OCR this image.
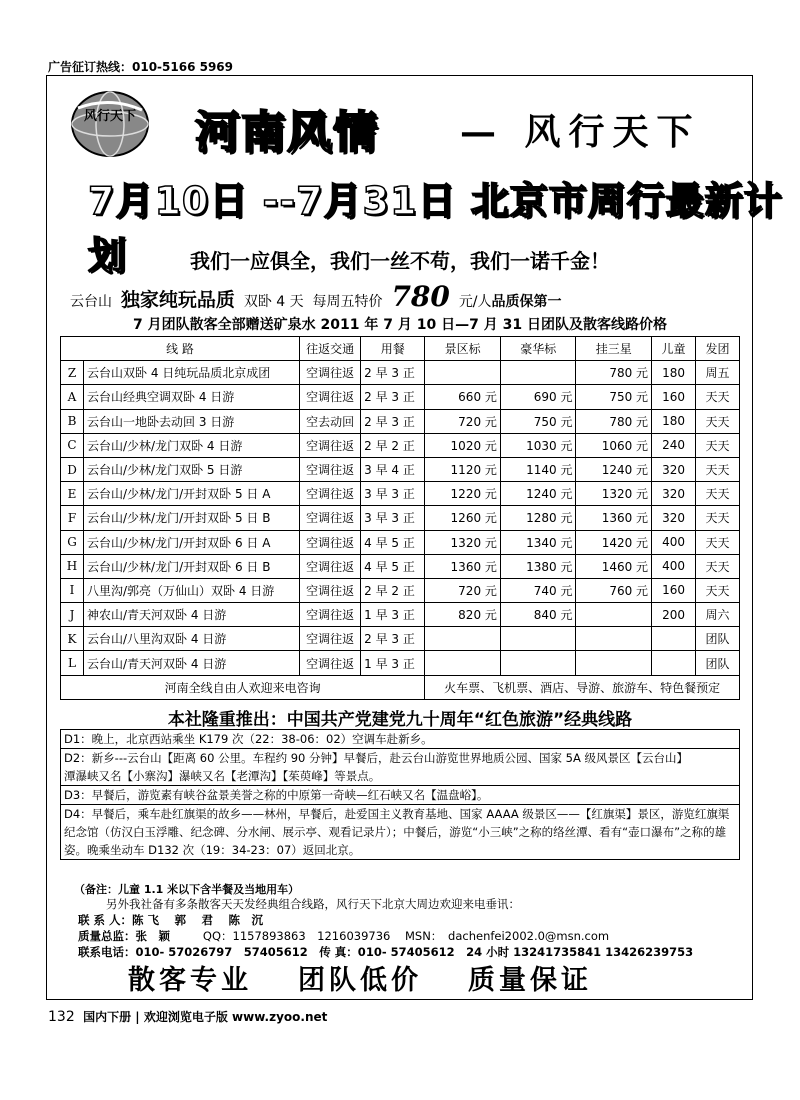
广告征订热线：010-5166 5969
风行天下 河南风情 — 风行天下
7月10日 --7月31日 北京市周行最新计划	我们一应俱全，我们一丝不苟，我们一诺千金！
云台山 独家纯玩品质 双卧 4 天 每周五特价 780 元/人品质保第一
7 月团队散客全部赠送矿泉水 2011 年 7 月 10 日—7 月 31 日团队及散客线路价格
线 路		往返交通	用餐	景区标	豪华标	挂三星	儿童	发团
Z	云台山双卧 4 日纯玩品质北京成团	空调往返	2 早 3 正			780 元	180	周五
A	云台山经典空调双卧 4 日游	空调往返	2 早 3 正	660 元	690 元	750 元	160	天天
B	云台山一地卧去动回 3 日游	空去动回	2 早 3 正	720 元	750 元	780 元	180	天天
C	云台山/少林/龙门双卧 4 日游	空调往返	2 早 2 正	1020 元	1030 元	1060 元	240	天天
D	云台山/少林/龙门双卧 5 日游	空调往返	3 早 4 正	1120 元	1140 元	1240 元	320	天天
E	云台山/少林/龙门/开封双卧 5 日 A	空调往返	3 早 3 正	1220 元	1240 元	1320 元	320	天天
F	云台山/少林/龙门/开封双卧 5 日 B	空调往返	3 早 3 正	1260 元	1280 元	1360 元	320	天天
G	云台山/少林/龙门/开封双卧 6 日 A	空调往返	4 早 5 正	1320 元	1340 元	1420 元	400	天天
H	云台山/少林/龙门/开封双卧 6 日 B	空调往返	4 早 5 正	1360 元	1380 元	1460 元	400	天天
I	八里沟/郭亮（万仙山）双卧 4 日游	空调往返	2 早 2 正	720 元	740 元	760 元	160	天天
J	神农山/青天河双卧 4 日游	空调往返	1 早 3 正	820 元	840 元		200	周六
K	云台山/八里沟双卧 4 日游	空调往返	2 早 3 正					团队
L	云台山/青天河双卧 4 日游	空调往返	1 早 3 正					团队
河南全线自由人欢迎来电咨询				火车票、飞机票、酒店、导游、旅游车、特色餐预定				
本社隆重推出：中国共产党建党九十周年“红色旅游”经典线路
D1：晚上，北京西站乘坐 K179 次（22：38-06：02）空调车赴新乡。
D2：新乡---云台山【距离 60 公里。车程约 90 分钟】早餐后，赴云台山游览世界地质公园、国家 5A 级风景区【云台山】
潭瀑峡又名【小寨沟】瀑峡又名【老潭沟】【茱萸峰】等景点。
D3：早餐后，游览素有峡谷盆景美誉之称的中原第一奇峡—红石峡又名【温盘峪】。
D4：早餐后，乘车赴红旗渠的故乡——林州，早餐后，赴爱国主义教育基地、国家 AAAA 级景区——【红旗渠】景区，游览红旗渠纪念馆（仿汉白玉浮雕、纪念碑、分水闸、展示亭、观看记录片）；中餐后，游览“小三峡”之称的络丝潭、看有“壶口瀑布”之称的雄姿。晚乘坐动车 D132 次（19：34-23：07）返回北京。
（备注：儿童 1.1 米以下含半餐及当地用车）
另外我社备有多条散客天天发经典组合线路，风行天下北京大周边欢迎来电垂讯：
联 系 人：陈 飞　 郭　 君　 陈　沉
质量总监：张　颖	QQ：1157893863　1216039736 MSN：　dachenfei2002.0@msn.com
联系电话：010- 57026797　57405612　传 真：010- 57405612　24 小时 13241735841 13426239753
散客专业 团队低价 质量保证
132 国内下册 | 欢迎浏览电子版 www.zyoo.net
